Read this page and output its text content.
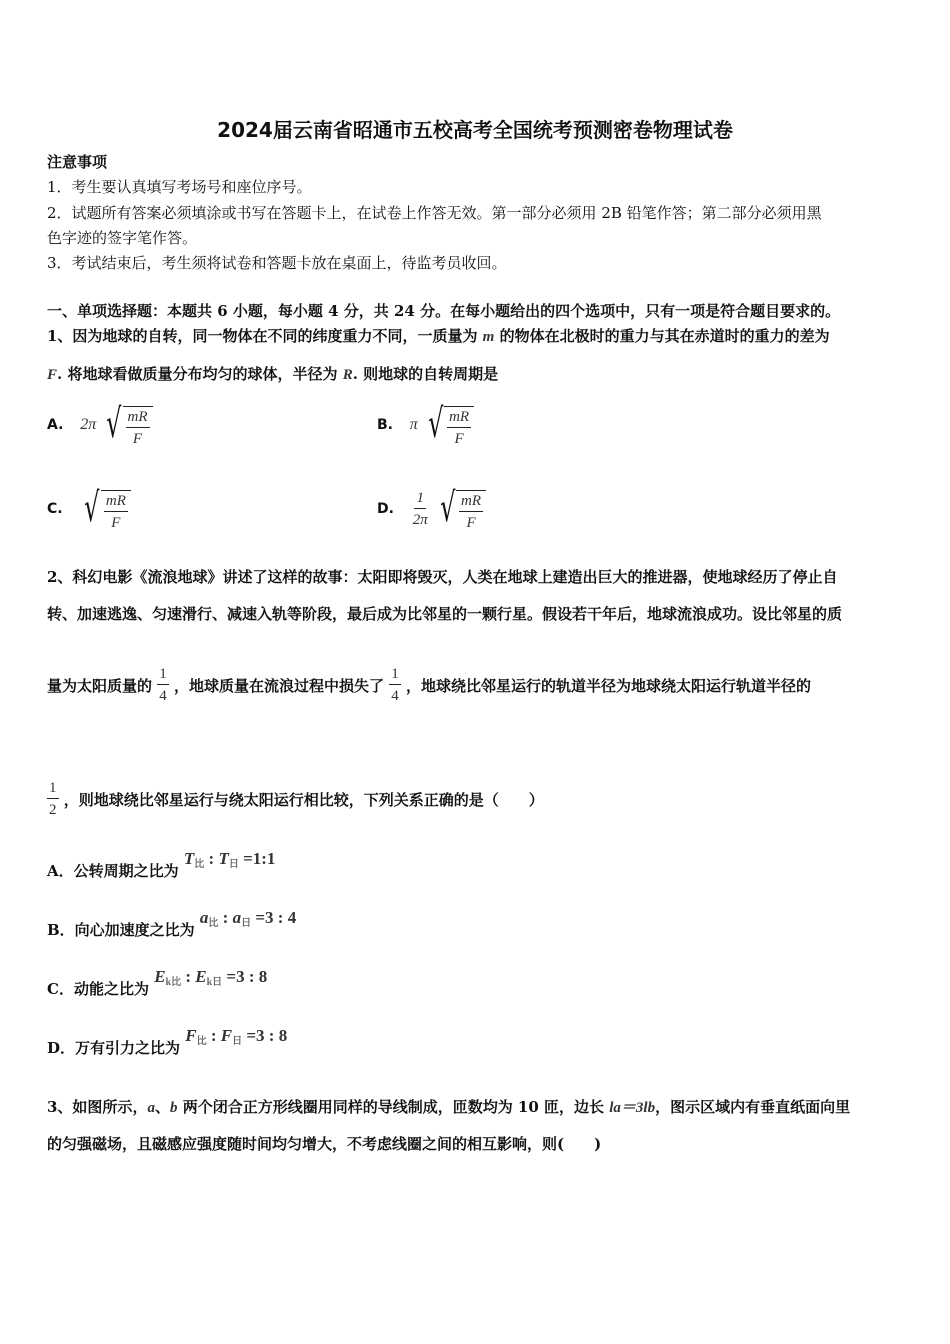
2024届云南省昭通市五校高考全国统考预测密卷物理试卷
注意事项
1．考生要认真填写考场号和座位序号。
2．试题所有答案必须填涂或书写在答题卡上，在试卷上作答无效。第一部分必须用 2B 铅笔作答；第二部分必须用黑
色字迹的签字笔作答。
3．考试结束后，考生须将试卷和答题卡放在桌面上，待监考员收回。
一、单项选择题：本题共 6 小题，每小题 4 分，共 24 分。在每小题给出的四个选项中，只有一项是符合题目要求的。
1、因为地球的自转，同一物体在不同的纬度重力不同，一质量为 m 的物体在北极时的重力与其在赤道时的重力的差为
F. 将地球看做质量分布均匀的球体，半径为 R. 则地球的自转周期是
A. 2π √ $\frac{mR}{F}$	B. π √ $\frac{mR}{F}$
C. √ $\frac{mR}{F}$	D. $\frac{1}{2\pi}$
√ $\frac{mR}{F}$
2、科幻电影《流浪地球》讲述了这样的故事：太阳即将毁灭，人类在地球上建造出巨大的推进器，使地球经历了停止自
转、加速逃逸、匀速滑行、减速入轨等阶段，最后成为比邻星的一颗行星。假设若干年后，地球流浪成功。设比邻星的质
量为太阳质量的 $\frac{1}{4}$ ，地球质量在流浪过程中损失了 $\frac{1}{4}$ ，地球绕比邻星运行的轨道半径为地球绕太阳运行轨道半径的
$\frac{1}{2}$ ，则地球绕比邻星运行与绕太阳运行相比较，下列关系正确的是（　　）
A．公转周期之比为 $T_比$ : $T_日$ =1:1
B．向心加速度之比为 $a_比$ : $a_日 =3$ : 4
C．动能之比为 $E_{k比}$ : $E_{k日} =3$ : 8
D．万有引力之比为 $F_比$ : $F_日 =3$ : 8
3、如图所示，a、b 两个闭合正方形线圈用同样的导线制成，匝数均为 10 匝，边长 la＝3lb，图示区域内有垂直纸面向里
的匀强磁场，且磁感应强度随时间均匀增大，不考虑线圈之间的相互影响，则(　　)
